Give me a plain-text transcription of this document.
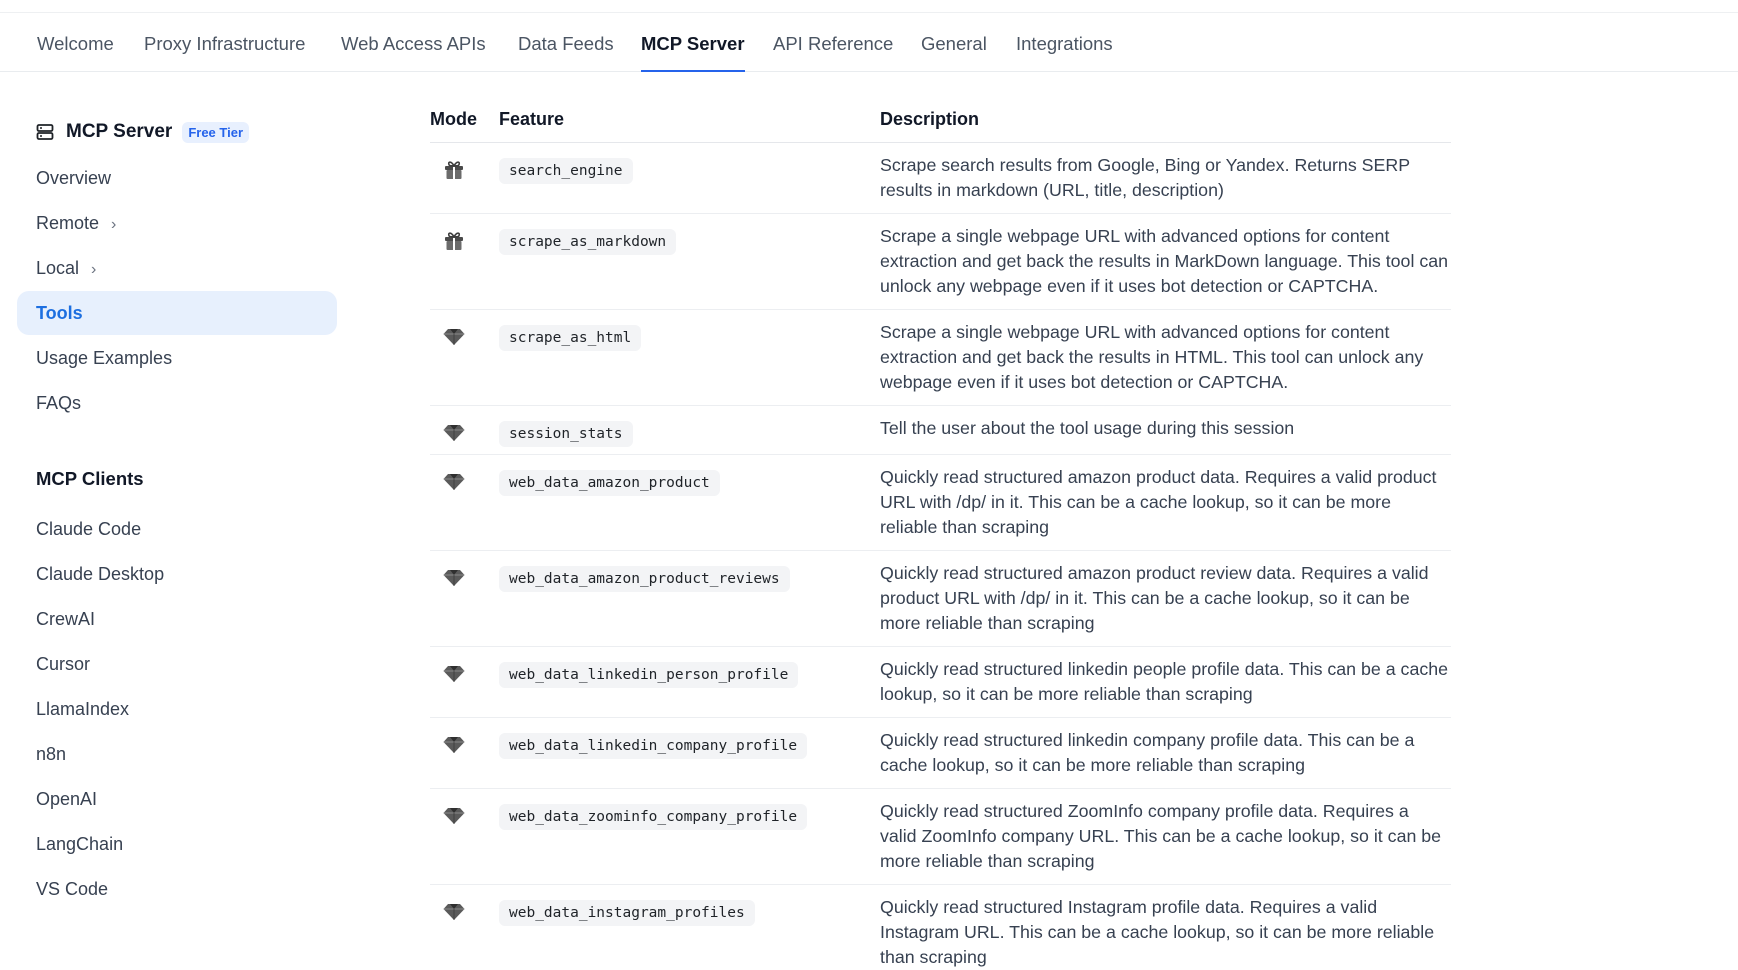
Welcome Proxy Infrastructure Web Access APIs Data Feeds MCP Server API Reference General Integrations
MCP Server	Free Tier
Overview
Remote ›
Local ›
Tools
Usage Examples
FAQs
MCP Clients
Claude Code
Claude Desktop
CrewAI
Cursor
LlamaIndex
n8n
OpenAI
LangChain
VS Code
Mode Feature	Description
search_engine	Scrape search results from Google, Bing or Yandex. Returns SERP results in markdown (URL, title, description)
scrape_as_markdown	Scrape a single webpage URL with advanced options for content extraction and get back the results in MarkDown language. This tool can unlock any webpage even if it uses bot detection or CAPTCHA.
scrape_as_html	Scrape a single webpage URL with advanced options for content extraction and get back the results in HTML. This tool can unlock any webpage even if it uses bot detection or CAPTCHA.
session_stats	Tell the user about the tool usage during this session
web_data_amazon_product	Quickly read structured amazon product data. Requires a valid product URL with /dp/ in it. This can be a cache lookup, so it can be more reliable than scraping
web_data_amazon_product_reviews	Quickly read structured amazon product review data. Requires a valid product URL with /dp/ in it. This can be a cache lookup, so it can be more reliable than scraping
web_data_linkedin_person_profile	Quickly read structured linkedin people profile data. This can be a cache lookup, so it can be more reliable than scraping
web_data_linkedin_company_profile	Quickly read structured linkedin company profile data. This can be a cache lookup, so it can be more reliable than scraping
web_data_zoominfo_company_profile	Quickly read structured ZoomInfo company profile data. Requires a valid ZoomInfo company URL. This can be a cache lookup, so it can be more reliable than scraping
web_data_instagram_profiles	Quickly read structured Instagram profile data. Requires a valid Instagram URL. This can be a cache lookup, so it can be more reliable than scraping
